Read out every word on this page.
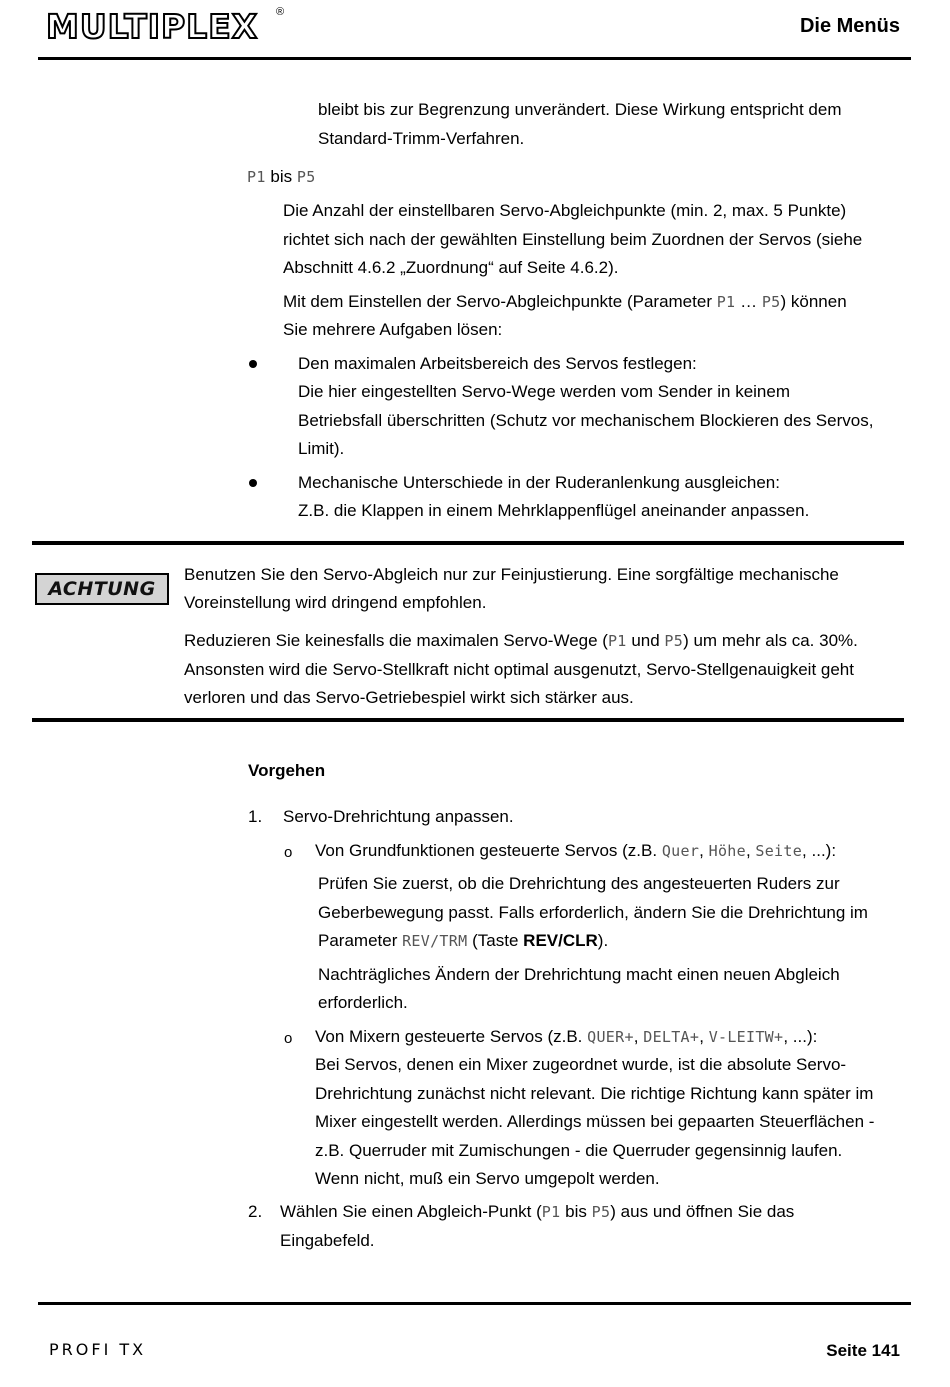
MULTIPLEX ®
Die Menüs
bleibt bis zur Begrenzung unverändert. Diese Wirkung entspricht dem
Standard-Trimm-Verfahren.
P1 bis P5
Die Anzahl der einstellbaren Servo-Abgleichpunkte (min. 2, max. 5 Punkte)
richtet sich nach der gewählten Einstellung beim Zuordnen der Servos (siehe
Abschnitt 4.6.2 „Zuordnung“ auf Seite 4.6.2).
Mit dem Einstellen der Servo-Abgleichpunkte (Parameter P1 … P5) können
Sie mehrere Aufgaben lösen:
Den maximalen Arbeitsbereich des Servos festlegen:
Die hier eingestellten Servo-Wege werden vom Sender in keinem
Betriebsfall überschritten (Schutz vor mechanischem Blockieren des Servos,
Limit).
Mechanische Unterschiede in der Ruderanlenkung ausgleichen:
Z.B. die Klappen in einem Mehrklappenflügel aneinander anpassen.
ACHTUNG
Benutzen Sie den Servo-Abgleich nur zur Feinjustierung. Eine sorgfältige mechanische
Voreinstellung wird dringend empfohlen.
Reduzieren Sie keinesfalls die maximalen Servo-Wege (P1 und P5) um mehr als ca. 30%.
Ansonsten wird die Servo-Stellkraft nicht optimal ausgenutzt, Servo-Stellgenauigkeit geht
verloren und das Servo-Getriebespiel wirkt sich stärker aus.
Vorgehen
1. Servo-Drehrichtung anpassen.
o Von Grundfunktionen gesteuerte Servos (z.B. Quer, Höhe, Seite, ...):
Prüfen Sie zuerst, ob die Drehrichtung des angesteuerten Ruders zur
Geberbewegung passt. Falls erforderlich, ändern Sie die Drehrichtung im
Parameter REV/TRM (Taste REV/CLR).
Nachträgliches Ändern der Drehrichtung macht einen neuen Abgleich
erforderlich.
o Von Mixern gesteuerte Servos (z.B. QUER+, DELTA+, V-LEITW+, ...):
Bei Servos, denen ein Mixer zugeordnet wurde, ist die absolute Servo-
Drehrichtung zunächst nicht relevant. Die richtige Richtung kann später im
Mixer eingestellt werden. Allerdings müssen bei gepaarten Steuerflächen -
z.B. Querruder mit Zumischungen - die Querruder gegensinnig laufen.
Wenn nicht, muß ein Servo umgepolt werden.
2. Wählen Sie einen Abgleich-Punkt (P1 bis P5) aus und öffnen Sie das
Eingabefeld.
PROFI TX	Seite 141
